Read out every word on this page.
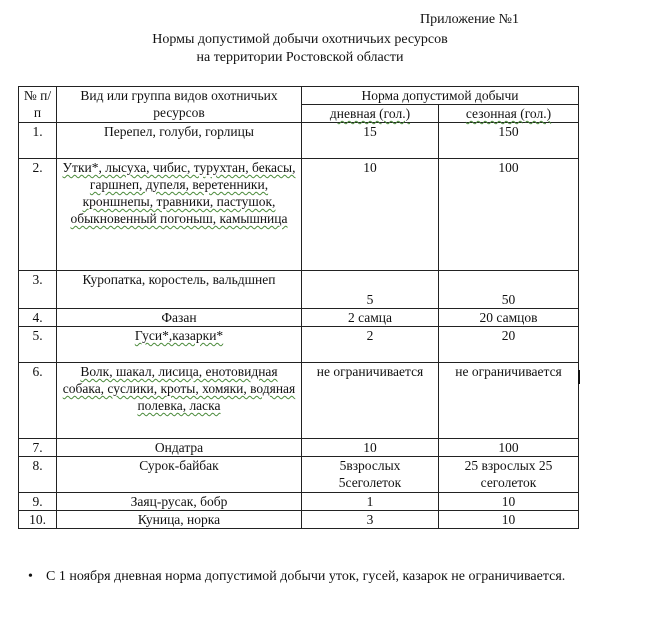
Приложение №1
Нормы допустимой добычи охотничьих ресурсов
на территории Ростовской области
№ п/п	Вид или группа видов охотничьих ресурсов	Норма допустимой добычи	
		дневная (гол.)	сезонная (гол.)
1.	Перепел, голуби, горлицы	15	150
2.	Утки*, лысуха, чибис, турухтан, бекасы, гаршнеп, дупеля, веретенники, кроншнепы, травники, пастушок, обыкновенный погоныш, камышница	10	100
3.	Куропатка, коростель, вальдшнеп	5	50
4.	Фазан	2 самца	20 самцов
5.	Гуси*,казарки*	2	20
6.	Волк, шакал, лисица, енотовидная собака, суслики, кроты, хомяки, водяная полевка, ласка	не ограничивается	не ограничивается
7.	Ондатра	10	100
8.	Сурок-байбак	5взрослых 5сеголеток	25 взрослых 25 сеголеток
9.	Заяц-русак, бобр	1	10
10.	Куница, норка	3	10
• С 1 ноября дневная норма допустимой добычи уток, гусей, казарок не ограничивается.
